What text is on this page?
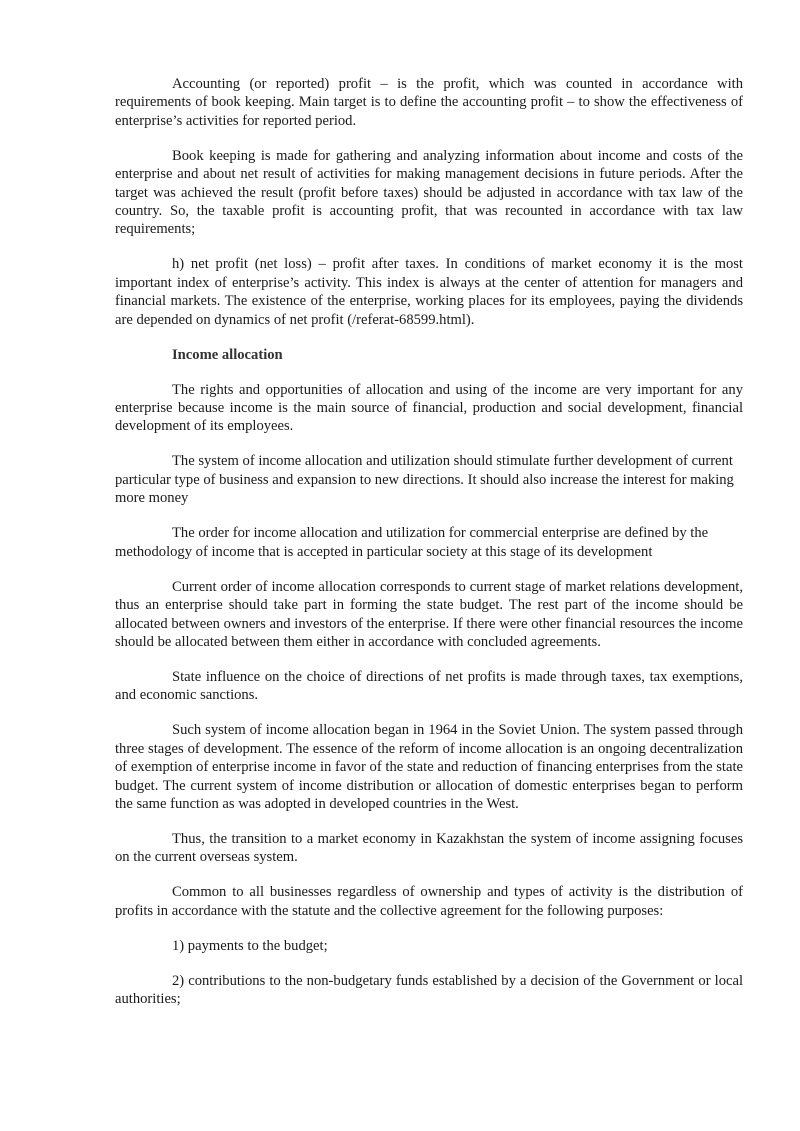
Accounting (or reported) profit – is the profit, which was counted in accordance with requirements of book keeping. Main target is to define the accounting profit – to show the effectiveness of enterprise’s activities for reported period.

Book keeping is made for gathering and analyzing information about income and costs of the enterprise and about net result of activities for making management decisions in future periods. After the target was achieved the result (profit before taxes) should be adjusted in accordance with tax law of the country. So, the taxable profit is accounting profit, that was recounted in accordance with tax law requirements;

h) net profit (net loss) – profit after taxes. In conditions of market economy it is the most important index of enterprise’s activity. This index is always at the center of attention for managers and financial markets. The existence of the enterprise, working places for its employees, paying the dividends are depended on dynamics of net profit (/referat-68599.html).

Income allocation

The rights and opportunities of allocation and using of the income are very important for any enterprise because income is the main source of financial, production and social development, financial development of its employees.

The system of income allocation and utilization should stimulate further development of current particular type of business and expansion to new directions. It should also increase the interest for making more money

The order for income allocation and utilization for commercial enterprise are defined by the methodology of income that is accepted in particular society at this stage of its development

Current order of income allocation corresponds to current stage of market relations development, thus an enterprise should take part in forming the state budget. The rest part of the income should be allocated between owners and investors of the enterprise. If there were other financial resources the income should be allocated between them either in accordance with concluded agreements.

State influence on the choice of directions of net profits is made through taxes, tax exemptions, and economic sanctions.

Such system of income allocation began in 1964 in the Soviet Union. The system passed through three stages of development. The essence of the reform of income allocation is an ongoing decentralization of exemption of enterprise income in favor of the state and reduction of financing enterprises from the state budget. The current system of income distribution or allocation of domestic enterprises began to perform the same function as was adopted in developed countries in the West.

Thus, the transition to a market economy in Kazakhstan the system of income assigning focuses on the current overseas system.

Common to all businesses regardless of ownership and types of activity is the distribution of profits in accordance with the statute and the collective agreement for the following purposes:

1) payments to the budget;

2) contributions to the non-budgetary funds established by a decision of the Government or local authorities;
